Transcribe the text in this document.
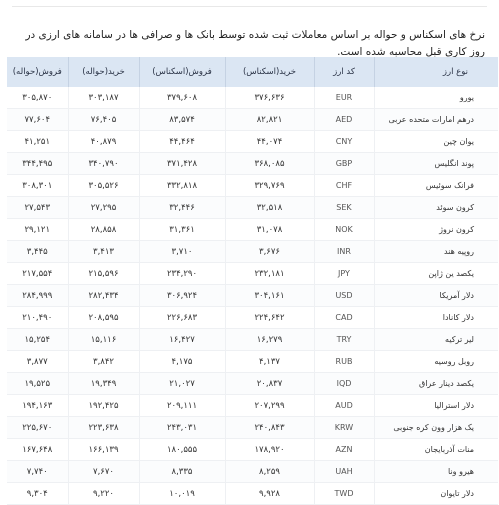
نرخ های اسکناس و حواله بر اساس معاملات ثبت شده توسط بانک ها و صرافی ها در سامانه های ارزی در روز کاری قبل محاسبه شده است.

نوع ارز	کد ارز	خرید(اسکناس)	فروش(اسکناس)	خرید(حواله)	فروش(حواله)
یورو	EUR	۳۷۶,۶۳۶	۳۷۹,۶۰۸	۳۰۳,۱۸۷	۳۰۵,۸۷۰
درهم امارات متحده عربی	AED	۸۲,۸۲۱	۸۳,۵۷۴	۷۶,۴۰۵	۷۷,۶۰۴
یوان چین	CNY	۴۴,۰۷۴	۴۴,۴۶۴	۴۰,۸۷۹	۴۱,۲۵۱
پوند انگلیس	GBP	۳۶۸,۰۸۵	۳۷۱,۴۲۸	۳۴۰,۷۹۰	۳۴۴,۴۹۵
فرانک سوئیس	CHF	۳۲۹,۷۶۹	۳۳۲,۸۱۸	۳۰۵,۵۲۶	۳۰۸,۳۰۱
کرون سوئد	SEK	۳۲,۵۱۸	۳۲,۴۴۶	۲۷,۲۹۵	۲۷,۵۴۳
کرون نروژ	NOK	۳۱,۰۷۸	۳۱,۳۶۱	۲۸,۸۵۸	۲۹,۱۲۱
روپیه هند	INR	۳,۶۷۶	۳,۷۱۰	۳,۴۱۳	۳,۴۴۵
یکصد ین ژاپن	JPY	۲۳۲,۱۸۱	۲۳۴,۲۹۰	۲۱۵,۵۹۶	۲۱۷,۵۵۴
دلار آمریکا	USD	۳۰۴,۱۶۱	۳۰۶,۹۲۴	۲۸۲,۴۳۴	۲۸۴,۹۹۹
دلار کانادا	CAD	۲۲۴,۶۴۲	۲۲۶,۶۸۳	۲۰۸,۵۹۵	۲۱۰,۴۹۰
لیر ترکیه	TRY	۱۶,۲۷۹	۱۶,۴۲۷	۱۵,۱۱۶	۱۵,۲۵۴
روبل روسیه	RUB	۴,۱۳۷	۴,۱۷۵	۳,۸۴۲	۳,۸۷۷
یکصد دینار عراق	IQD	۲۰,۸۳۷	۲۱,۰۲۷	۱۹,۳۴۹	۱۹,۵۲۵
دلار استرالیا	AUD	۲۰۷,۲۹۹	۲۰۹,۱۱۱	۱۹۲,۴۲۵	۱۹۴,۱۶۳
یک هزار وون کره جنوبی	KRW	۲۴۰,۸۴۳	۲۴۳,۰۳۱	۲۲۳,۶۳۸	۲۲۵,۶۷۰
منات آذربایجان	AZN	۱۷۸,۹۲۰	۱۸۰,۵۵۵	۱۶۶,۱۳۹	۱۶۷,۶۴۸
هیرو ونا	UAH	۸,۲۵۹	۸,۳۳۵	۷,۶۷۰	۷,۷۴۰
دلار تایوان	TWD	۹,۹۲۸	۱۰,۰۱۹	۹,۲۲۰	۹,۳۰۴
